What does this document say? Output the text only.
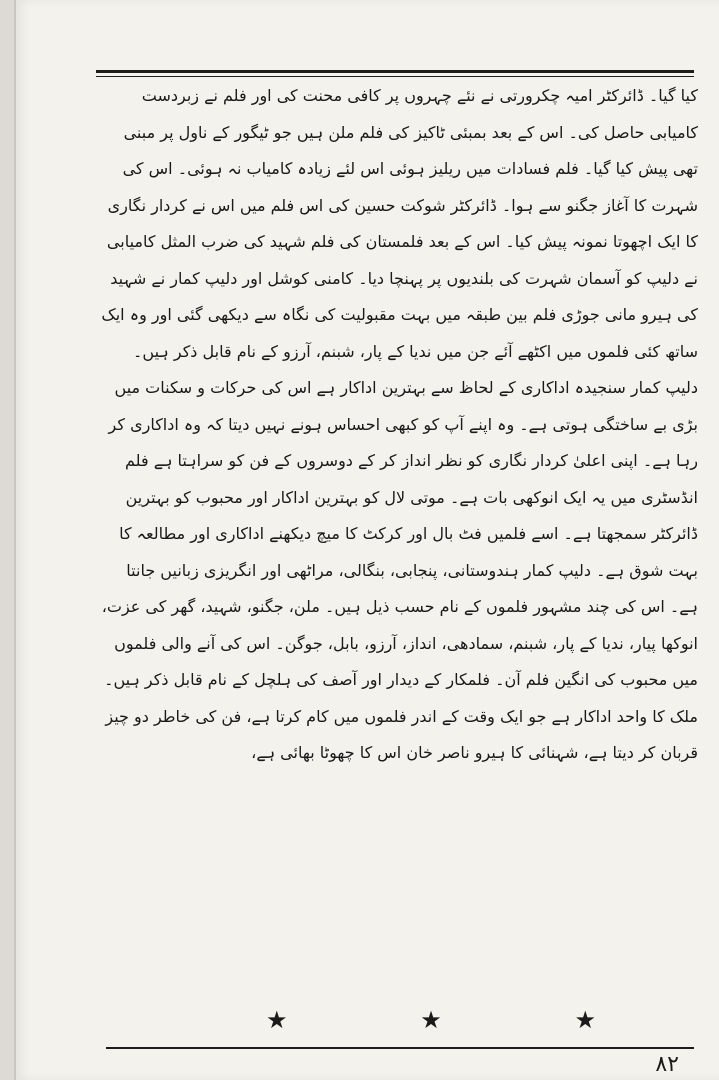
کیا گیا۔ ڈائرکٹر امیہ چکرورتی نے نئے چہروں پر کافی محنت کی اور فلم نے زبردست کامیابی حاصل کی۔ اس کے بعد بمبئی ٹاکیز کی فلم ملن ہیں جو ٹیگور کے ناول پر مبنی تھی پیش کیا گیا۔ فلم فسادات میں ریلیز ہوئی اس لئے زیادہ کامیاب نہ ہوئی۔ اس کی شہرت کا آغاز جگنو سے ہوا۔ ڈائرکٹر شوکت حسین کی اس فلم میں اس نے کردار نگاری کا ایک اچھوتا نمونہ پیش کیا۔ اس کے بعد فلمستان کی فلم شہید کی ضرب المثل کامیابی نے دلیپ کو آسمان شہرت کی بلندیوں پر پہنچا دیا۔ کامنی کوشل اور دلیپ کمار نے شہید کی ہیرو مانی جوڑی فلم بین طبقہ میں بہت مقبولیت کی نگاہ سے دیکھی گئی اور وہ ایک ساتھ کئی فلموں میں اکٹھے آئے جن میں ندیا کے پار، شبنم، آرزو کے نام قابل ذکر ہیں۔

دلیپ کمار سنجیدہ اداکاری کے لحاظ سے بہترین اداکار ہے اس کی حرکات و سکنات میں بڑی بے ساختگی ہوتی ہے۔ وہ اپنے آپ کو کبھی احساس ہونے نہیں دیتا کہ وہ اداکاری کر رہا ہے۔ اپنی اعلیٰ کردار نگاری کو نظر انداز کر کے دوسروں کے فن کو سراہتا ہے فلم انڈسٹری میں یہ ایک انوکھی بات ہے۔ موتی لال کو بہترین اداکار اور محبوب کو بہترین ڈائرکٹر سمجھتا ہے۔ اسے فلمیں فٹ بال اور کرکٹ کا میچ دیکھنے اداکاری اور مطالعہ کا بہت شوق ہے۔ دلیپ کمار ہندوستانی، پنجابی، بنگالی، مراٹھی اور انگریزی زبانیں جانتا ہے۔ اس کی چند مشہور فلموں کے نام حسب ذیل ہیں۔ ملن، جگنو، شہید، گھر کی عزت، انوکھا پیار، ندیا کے پار، شبنم، سمادھی، انداز، آرزو، بابل، جوگن۔ اس کی آنے والی فلموں میں محبوب کی انگین فلم آن۔ فلمکار کے دیدار اور آصف کی ہلچل کے نام قابل ذکر ہیں۔

ملک کا واحد اداکار ہے جو ایک وقت کے اندر فلموں میں کام کرتا ہے، فن کی خاطر دو چیز قربان کر دیتا ہے، شہنائی کا ہیرو ناصر خان اس کا چھوٹا بھائی ہے،

★	★	★
۸۲
